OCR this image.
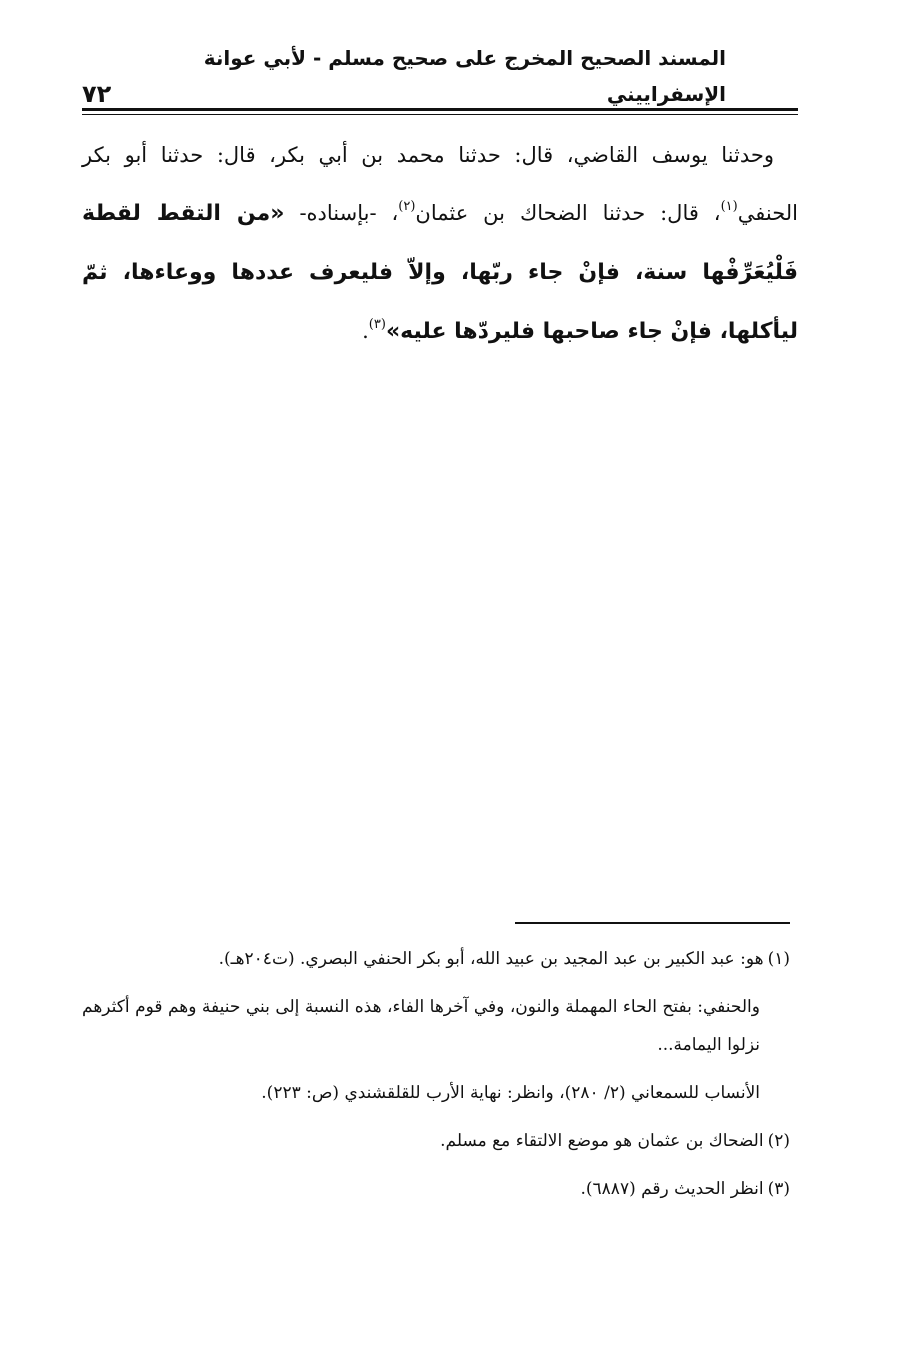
المسند الصحيح المخرج على صحيح مسلم - لأبي عوانة الإسفراييني
٧٢

وحدثنا يوسف القاضي، قال: حدثنا محمد بن أبي بكر، قال: حدثنا أبو بكر الحنفي$^{(١)}$، قال: حدثنا الضحاك بن عثمان$^{(٢)}$، -بإسناده- «من التقط لقطة فَلْيُعَرِّفْها سنة، فإنْ جاء ربّها، وإلاّ فليعرف عددها ووعاءها، ثمّ ليأكلها، فإنْ جاء صاحبها فليردّها عليه»$^{(٣)}$.

(١)هو: عبد الكبير بن عبد المجيد بن عبيد الله، أبو بكر الحنفي البصري. (ت٢٠٤هـ).

والحنفي: بفتح الحاء المهملة والنون، وفي آخرها الفاء، هذه النسبة إلى بني حنيفة وهم قوم أكثرهم نزلوا اليمامة...

الأنساب للسمعاني (٢/ ٢٨٠)، وانظر: نهاية الأرب للقلقشندي (ص: ٢٢٣).

(٢)الضحاك بن عثمان هو موضع الالتقاء مع مسلم.

(٣)انظر الحديث رقم (٦٨٨٧).
